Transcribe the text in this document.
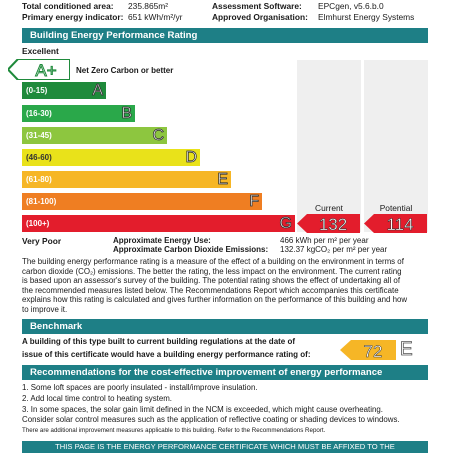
Total conditioned area: 235.865m²	Assessment Software: EPCgen, v5.6.b.0
Primary energy indicator: 651 kWh/m²/yr	Approved Organisation: Elmhurst Energy Systems
Building Energy Performance Rating
Excellent
A+ Net Zero Carbon or better
(0-15)	A
(16-30)	B
(31-45)	C
(46-60)	D
(61-80)	E
(81-100)	F
(100+)	G
Current	Potential
132 114
Very Poor	Approximate Energy Use:	466 kWh per m² per year
Approximate Carbon Dioxide Emissions: 132.37 kgCO₂ per m² per year
The building energy performance rating is a measure of the effect of a building on the environment in terms of
carbon dioxide (CO₂) emissions. The better the rating, the less impact on the environment. The current rating
is based upon an assessor's survey of the building. The potential rating shows the effect of undertaking all of
the recommended measures listed below. The Recommendations Report which accompanies this certificate
explains how this rating is calculated and gives further information on the performance of this building and how
to improve it.
Benchmark
A building of this type built to current building regulations at the date of
issue of this certificate would have a building energy performance rating of:	72 E
Recommendations for the cost-effective improvement of energy performance
1. Some loft spaces are poorly insulated - install/improve insulation.
2. Add local time control to heating system.
3. In some spaces, the solar gain limit defined in the NCM is exceeded, which might cause overheating.
Consider solar control measures such as the application of reflective coating or shading devices to windows.
There are additional improvement measures applicable to this building. Refer to the Recommendations Report.
THIS PAGE IS THE ENERGY PERFORMANCE CERTIFICATE WHICH MUST BE AFFIXED TO THE
